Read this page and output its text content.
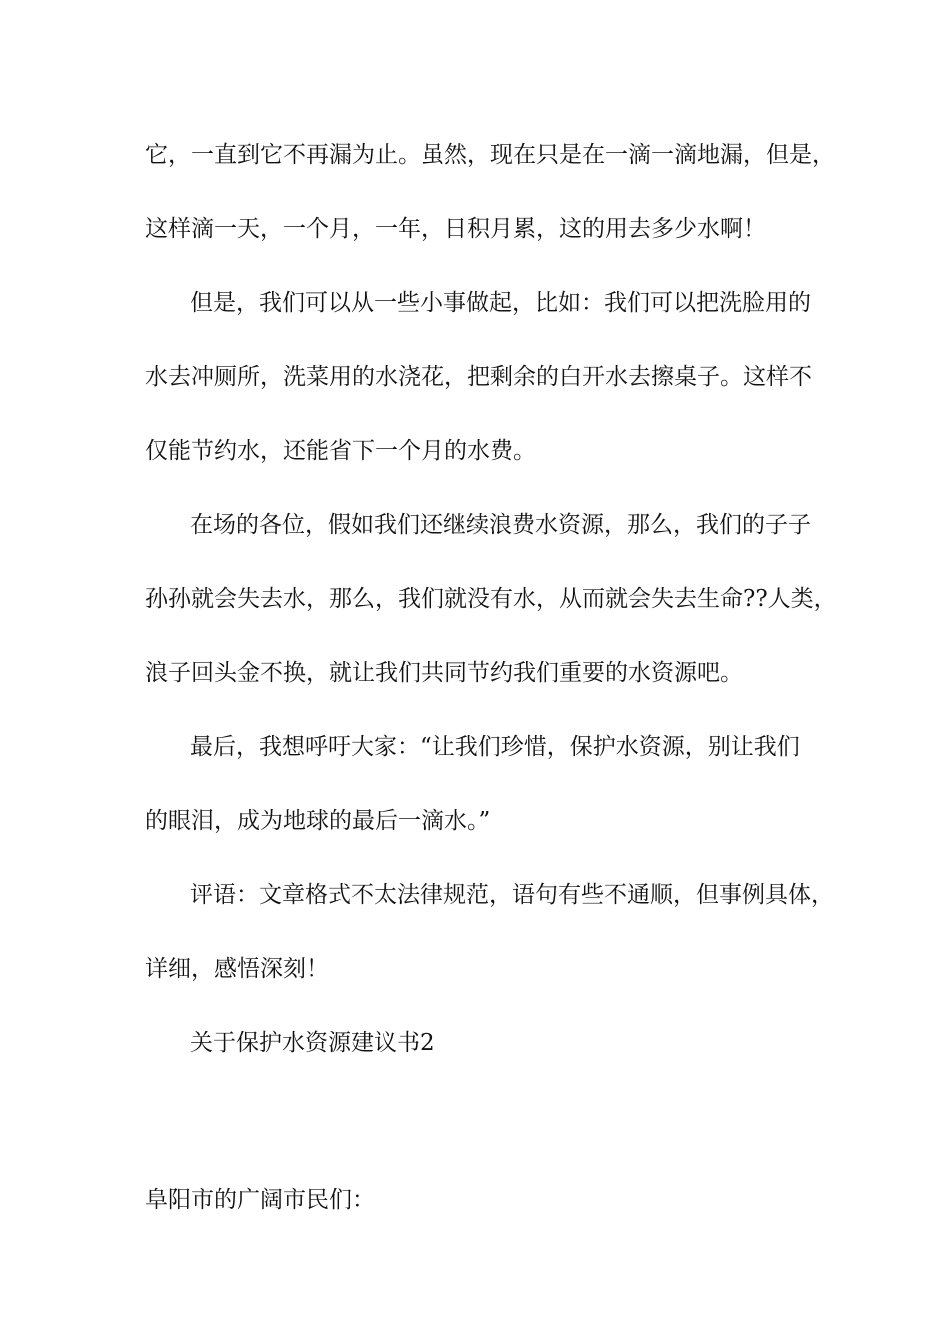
它，一直到它不再漏为止。虽然，现在只是在一滴一滴地漏，但是，
这样滴一天，一个月，一年，日积月累，这的用去多少水啊！
但是，我们可以从一些小事做起，比如：我们可以把洗脸用的
水去冲厕所，洗菜用的水浇花，把剩余的白开水去擦桌子。这样不
仅能节约水，还能省下一个月的水费。
在场的各位，假如我们还继续浪费水资源，那么，我们的子子
孙孙就会失去水，那么，我们就没有水，从而就会失去生命??人类，
浪子回头金不换，就让我们共同节约我们重要的水资源吧。
最后，我想呼吁大家：“让我们珍惜，保护水资源，别让我们
的眼泪，成为地球的最后一滴水。”
评语：文章格式不太法律规范，语句有些不通顺，但事例具体，
详细，感悟深刻！
关于保护水资源建议书2
阜阳市的广阔市民们：
